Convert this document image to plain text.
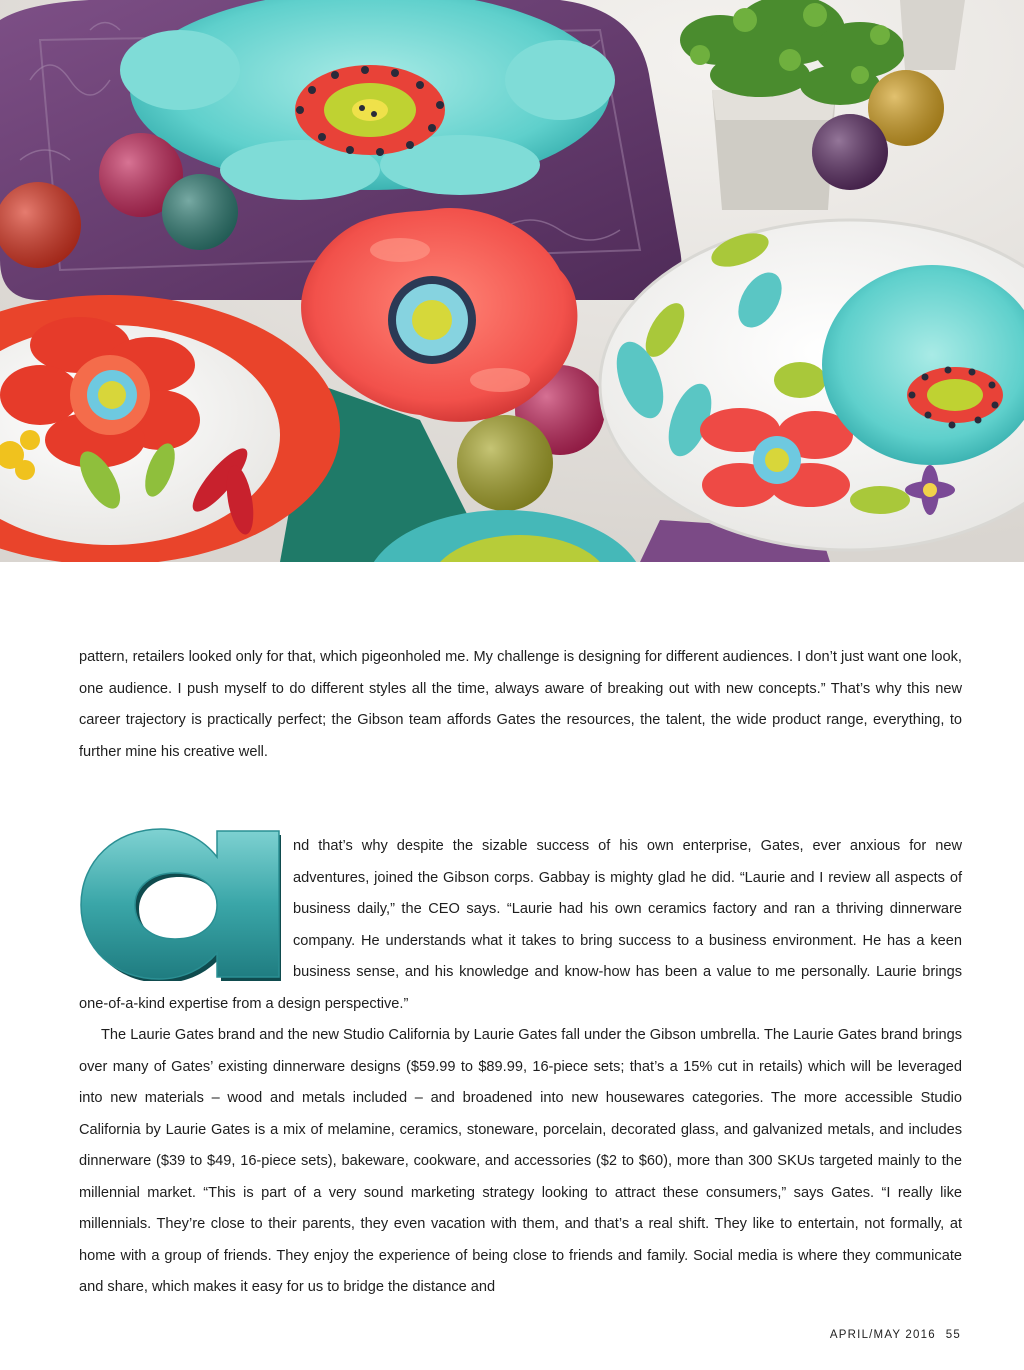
pattern, retailers looked only for that, which pigeonholed me. My challenge is designing for different audiences. I don’t just want one look, one audience. I push myself to do different styles all the time, always aware of breaking out with new concepts.” That’s why this new career trajectory is practically perfect; the Gibson team affords Gates the resources, the talent, the wide product range, everything, to further mine his creative well.

a

nd that’s why despite the sizable success of his own enterprise, Gates, ever anxious for new adventures, joined the Gibson corps. Gabbay is mighty glad he did. “Laurie and I review all aspects of business daily,” the CEO says. “Laurie had his own ceramics factory and ran a thriving dinnerware company. He understands what it takes to bring success to a business environment. He has a keen business sense, and his knowledge and know-how has been a value to me personally. Laurie brings one-of-a-kind expertise from a design perspective.”

The Laurie Gates brand and the new Studio California by Laurie Gates fall under the Gibson umbrella. The Laurie Gates brand brings over many of Gates’ existing dinnerware designs ($59.99 to $89.99, 16-piece sets; that’s a 15% cut in retails) which will be leveraged into new materials – wood and metals included – and broadened into new housewares categories. The more accessible Studio California by Laurie Gates is a mix of melamine, ceramics, stoneware, porcelain, decorated glass, and galvanized metals, and includes dinnerware ($39 to $49, 16-piece sets), bakeware, cookware, and accessories ($2 to $60), more than 300 SKUs targeted mainly to the millennial market. “This is part of a very sound marketing strategy looking to attract these consumers,” says Gates. “I really like millennials. They’re close to their parents, they even vacation with them, and that’s a real shift. They like to entertain, not formally, at home with a group of friends. They enjoy the experience of being close to friends and family. Social media is where they communicate and share, which makes it easy for us to bridge the distance and

APRIL/MAY 2016 55
